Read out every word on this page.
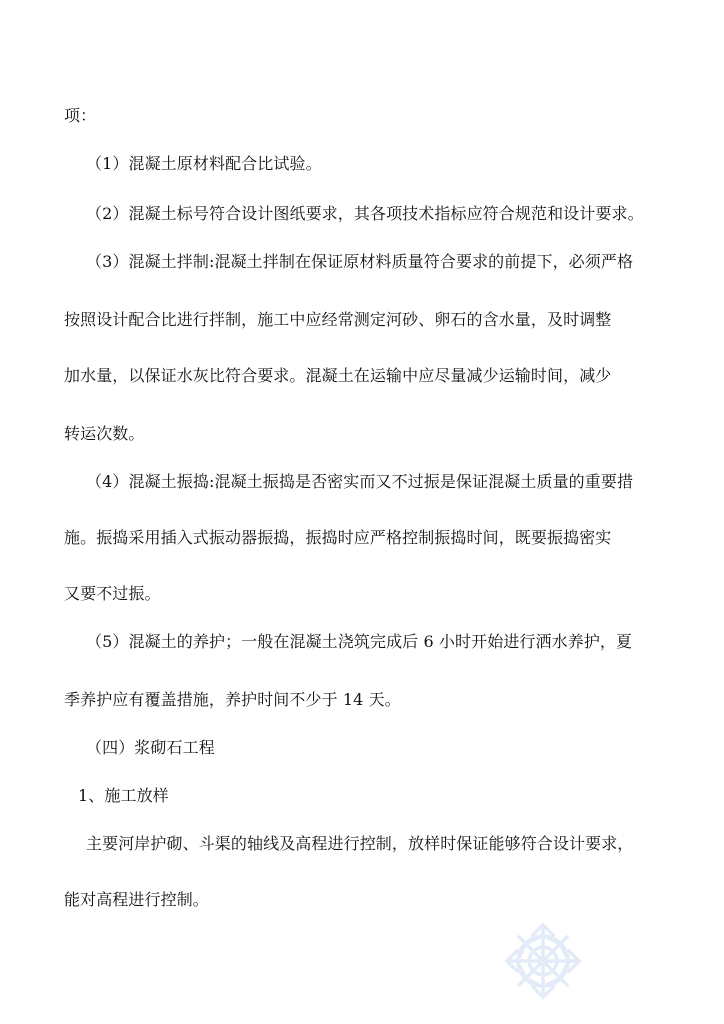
项：
（1）混凝土原材料配合比试验。
（2）混凝土标号符合设计图纸要求，其各项技术指标应符合规范和设计要求。
（3）混凝土拌制:混凝土拌制在保证原材料质量符合要求的前提下，必须严格
按照设计配合比进行拌制，施工中应经常测定河砂、卵石的含水量，及时调整
加水量，以保证水灰比符合要求。混凝土在运输中应尽量减少运输时间，减少
转运次数。
（4）混凝土振捣:混凝土振捣是否密实而又不过振是保证混凝土质量的重要措
施。振捣采用插入式振动器振捣，振捣时应严格控制振捣时间，既要振捣密实
又要不过振。
（5）混凝土的养护；一般在混凝土浇筑完成后 6 小时开始进行洒水养护，夏
季养护应有覆盖措施，养护时间不少于 14 天。
（四）浆砌石工程
1、施工放样
主要河岸护砌、斗渠的轴线及高程进行控制，放样时保证能够符合设计要求，
能对高程进行控制。
